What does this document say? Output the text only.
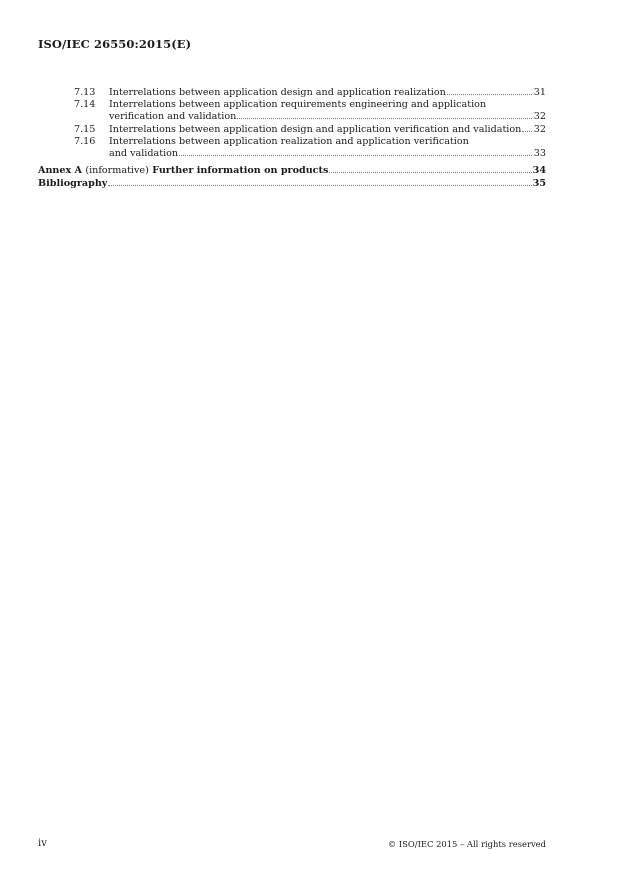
ISO/IEC 26550:2015(E)
7.13	Interrelations between application design and application realization	31
7.14	Interrelations between application requirements engineering and application
verification and validation	32
7.15	Interrelations between application design and application verification and validation 32
7.16	Interrelations between application realization and application verification
and validation	33
Annex A (informative) Further information on products	34
Bibliography	35
iv	© ISO/IEC 2015 – All rights reserved
